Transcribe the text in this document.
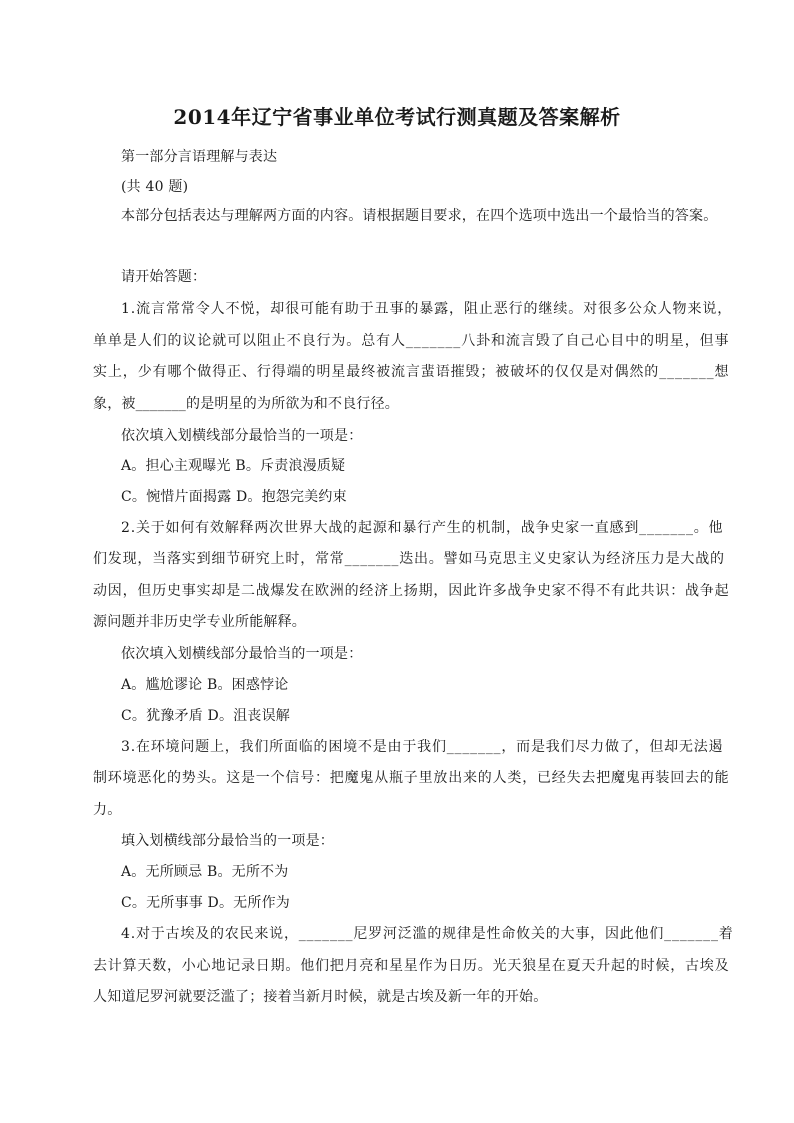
2014年辽宁省事业单位考试行测真题及答案解析
第一部分言语理解与表达
(共 40 题)
本部分包括表达与理解两方面的内容。请根据题目要求，在四个选项中选出一个最恰当的答案。
请开始答题：
1.流言常常令人不悦，却很可能有助于丑事的暴露，阻止恶行的继续。对很多公众人物来说，
单单是人们的议论就可以阻止不良行为。总有人_______八卦和流言毁了自己心目中的明星，但事
实上，少有哪个做得正、行得端的明星最终被流言蜚语摧毁；被破坏的仅仅是对偶然的_______想
象，被_______的是明星的为所欲为和不良行径。
依次填入划横线部分最恰当的一项是：
A。担心主观曝光 B。斥责浪漫质疑
C。惋惜片面揭露 D。抱怨完美约束
2.关于如何有效解释两次世界大战的起源和暴行产生的机制，战争史家一直感到_______。他
们发现，当落实到细节研究上时，常常_______迭出。譬如马克思主义史家认为经济压力是大战的
动因，但历史事实却是二战爆发在欧洲的经济上扬期，因此许多战争史家不得不有此共识：战争起
源问题并非历史学专业所能解释。
依次填入划横线部分最恰当的一项是：
A。尴尬谬论 B。困惑悖论
C。犹豫矛盾 D。沮丧误解
3.在环境问题上，我们所面临的困境不是由于我们_______，而是我们尽力做了，但却无法遏
制环境恶化的势头。这是一个信号：把魔鬼从瓶子里放出来的人类，已经失去把魔鬼再装回去的能
力。
填入划横线部分最恰当的一项是：
A。无所顾忌 B。无所不为
C。无所事事 D。无所作为
4.对于古埃及的农民来说，_______尼罗河泛滥的规律是性命攸关的大事，因此他们_______着
去计算天数，小心地记录日期。他们把月亮和星星作为日历。光天狼星在夏天升起的时候，古埃及
人知道尼罗河就要泛滥了；接着当新月时候，就是古埃及新一年的开始。
